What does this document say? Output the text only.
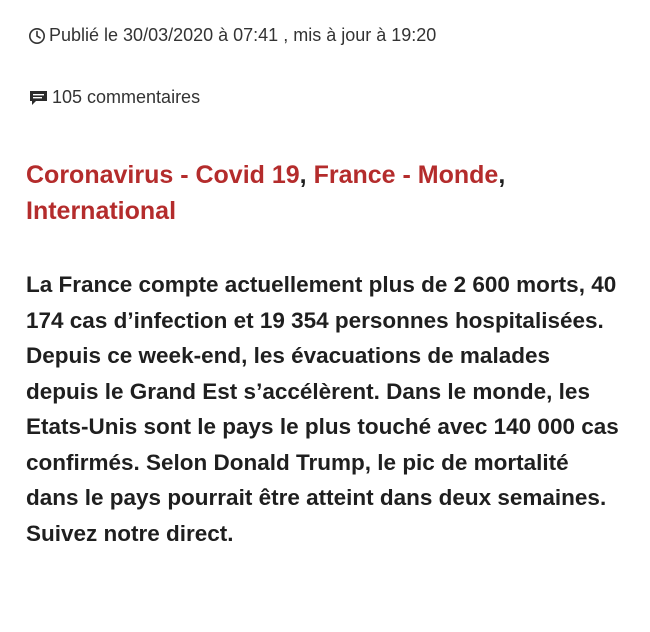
Publié le 30/03/2020 à 07:41 , mis à jour à 19:20
105 commentaires
Coronavirus - Covid 19, France - Monde,
International

La France compte actuellement plus de 2 600 morts, 40 174 cas d’infection et 19 354 personnes hospitalisées. Depuis ce week-end, les évacuations de malades depuis le Grand Est s’accélèrent. Dans le monde, les Etats-Unis sont le pays le plus touché avec 140 000 cas confirmés. Selon Donald Trump, le pic de mortalité dans le pays pourrait être atteint dans deux semaines. Suivez notre direct.
